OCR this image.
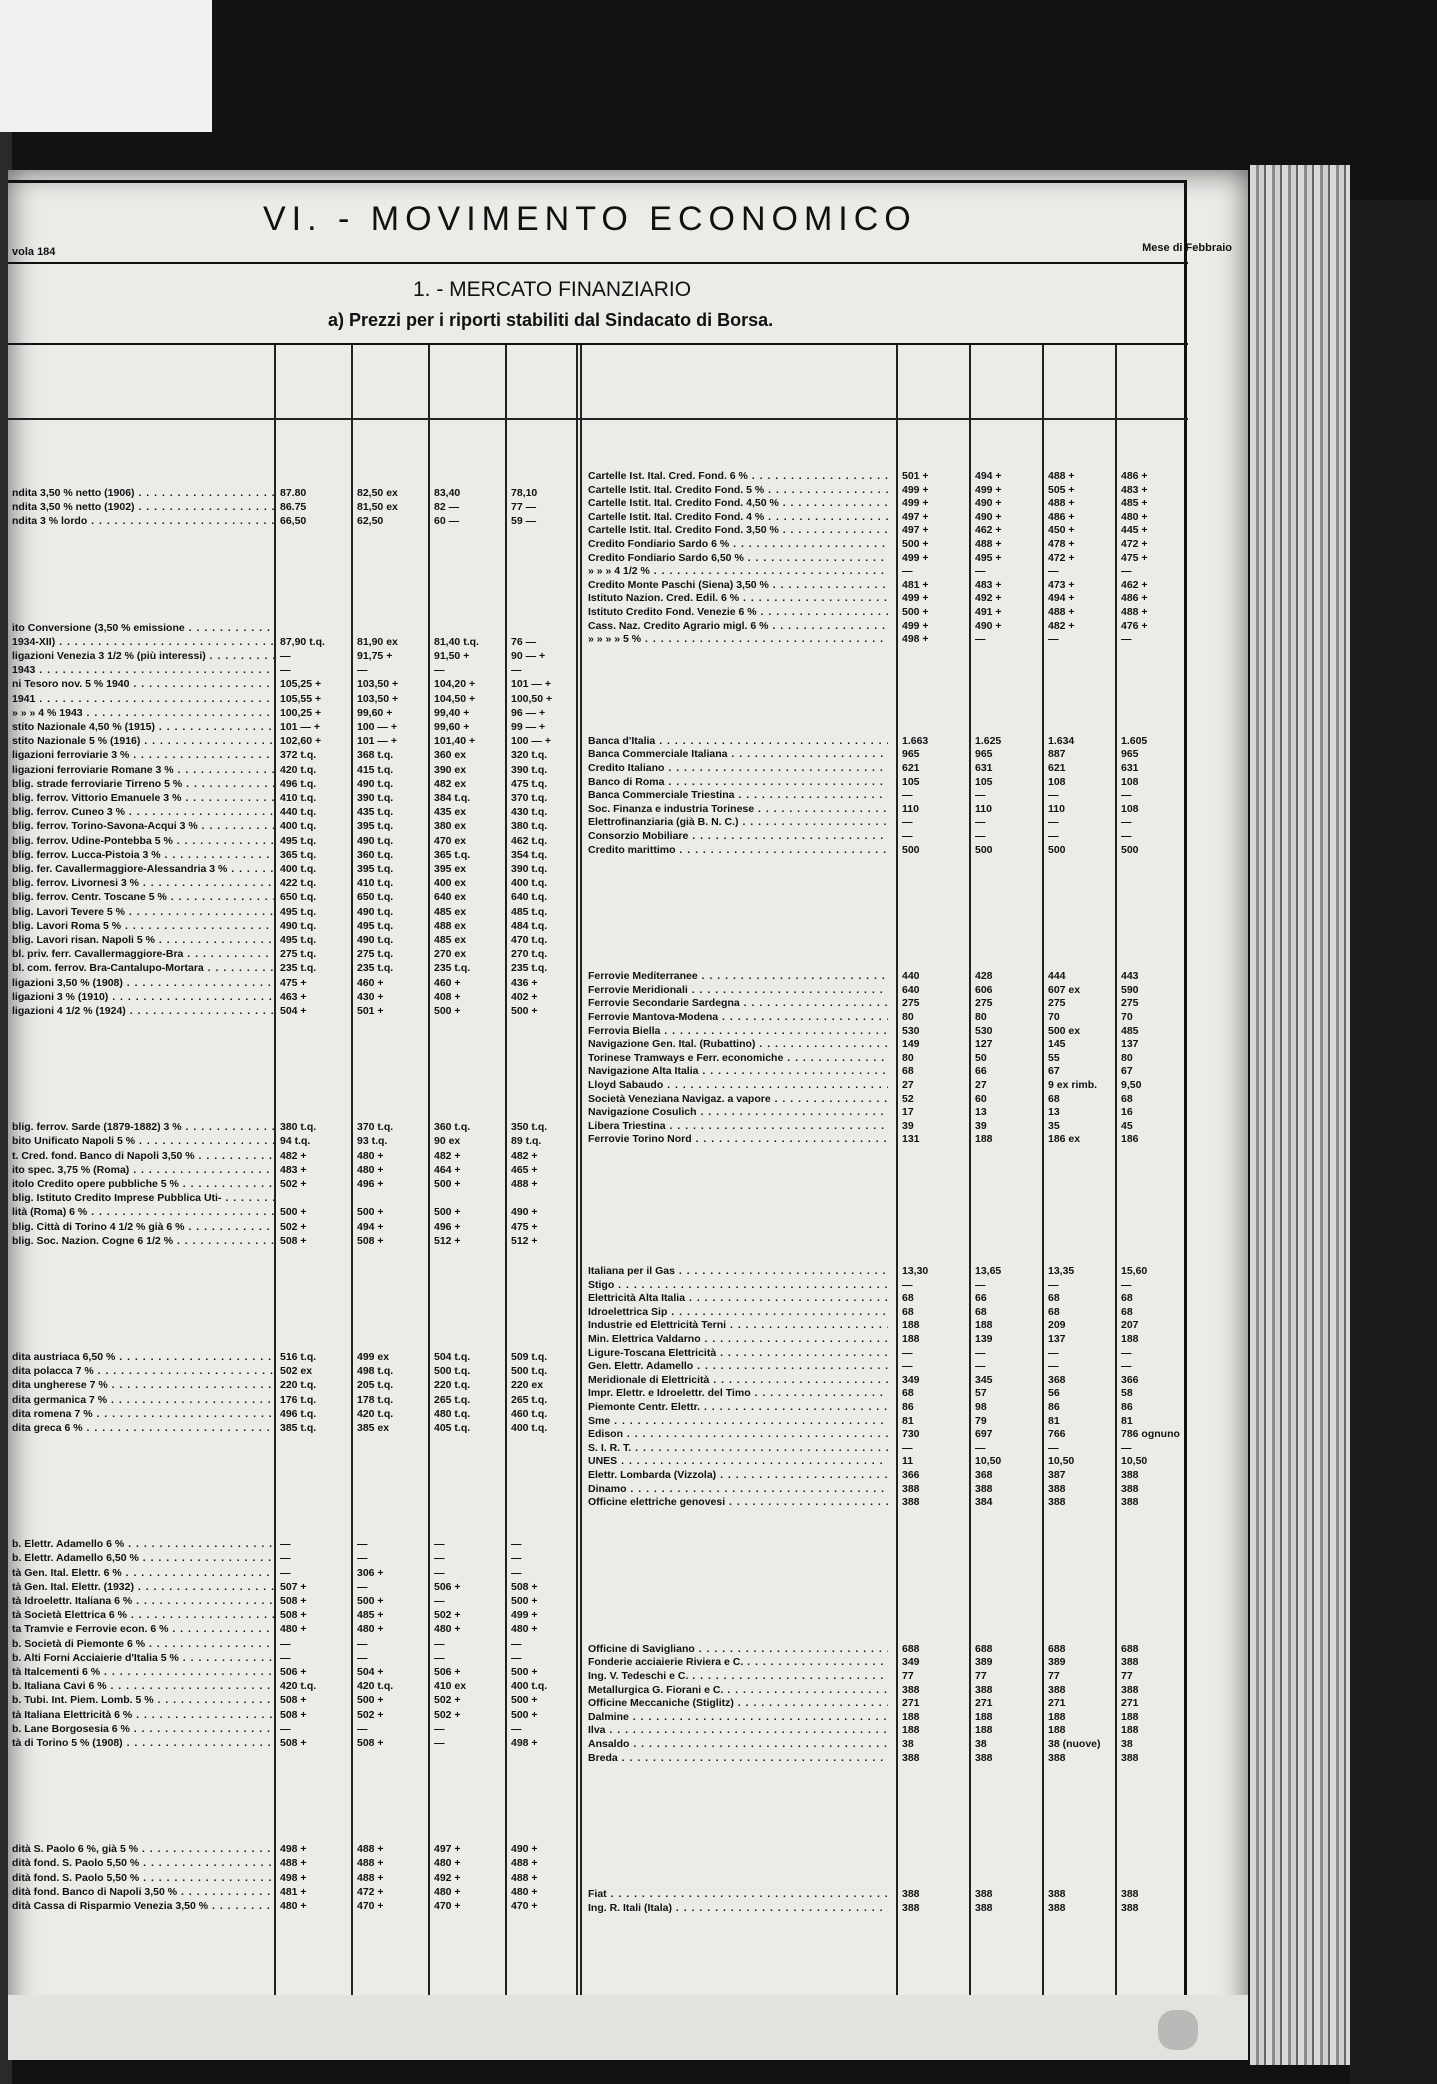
VI. - MOVIMENTO ECONOMICO
vola 184	Mese di Febbraio
1. - MERCATO FINANZIARIO
a) Prezzi per i riporti stabiliti dal Sindacato di Borsa.
ndita 3,50 % netto (1906) . . .	87.80	82,50 ex	83,40	78,10
ndita 3,50 % netto (1902) . . .	86.75	81,50 ex	82 —	77 —
ndita 3 % lordo . . .	66,50	62,50	60 —	59 —
ito Conversione (3,50 % emissione . . .
1934-XII) . . .	87,90 t.q.	81,90 ex	81,40 t.q.	76 —
ligazioni Venezia 3 1/2 % (più interessi) . . .	—	91,75 +	91,50 +	90 — +
1943 . . .	—	—	—	—
ni Tesoro nov. 5 % 1940 . . .	105,25 +	103,50 +	104,20 +	101 — +
1941 . . .	105,55 +	103,50 +	104,50 +	100,50 +
» » » 4 % 1943 . . .	100,25 +	99,60 +	99,40 +	96 — +
stito Nazionale 4,50 % (1915) . . .	101 — +	100 — +	99,60 +	99 — +
stito Nazionale 5 % (1916) . . .	102,60 +	101 — +	101,40 +	100 — +
ligazioni ferroviarie 3 % . . .	372 t.q.	368 t.q.	360 ex	320 t.q.
ligazioni ferroviarie Romane 3 % . . .	420 t.q.	415 t.q.	390 ex	390 t.q.
blig. strade ferroviarie Tirreno 5 % . . .	496 t.q.	490 t.q.	482 ex	475 t.q.
blig. ferrov. Vittorio Emanuele 3 % . . .	410 t.q.	390 t.q.	384 t.q.	370 t.q.
blig. ferrov. Cuneo 3 % . . .	440 t.q.	435 t.q.	435 ex	430 t.q.
blig. ferrov. Torino-Savona-Acqui 3 % . . .	400 t.q.	395 t.q.	380 ex	380 t.q.
blig. ferrov. Udine-Pontebba 5 % . . .	495 t.q.	490 t.q.	470 ex	462 t.q.
blig. ferrov. Lucca-Pistoia 3 % . . .	365 t.q.	360 t.q.	365 t.q.	354 t.q.
blig. fer. Cavallermaggiore-Alessandria 3 % . . .	400 t.q.	395 t.q.	395 ex	390 t.q.
blig. ferrov. Livornesi 3 % . . .	422 t.q.	410 t.q.	400 ex	400 t.q.
blig. ferrov. Centr. Toscane 5 % . . .	650 t.q.	650 t.q.	640 ex	640 t.q.
blig. Lavori Tevere 5 % . . .	495 t.q.	490 t.q.	485 ex	485 t.q.
blig. Lavori Roma 5 % . . .	490 t.q.	495 t.q.	488 ex	484 t.q.
blig. Lavori risan. Napoli 5 % . . .	495 t.q.	490 t.q.	485 ex	470 t.q.
bl. priv. ferr. Cavallermaggiore-Bra . . .	275 t.q.	275 t.q.	270 ex	270 t.q.
bl. com. ferrov. Bra-Cantalupo-Mortara . . .	235 t.q.	235 t.q.	235 t.q.	235 t.q.
ligazioni 3,50 % (1908) . . .	475 +	460 +	460 +	436 +
ligazioni 3 % (1910) . . .	463 +	430 +	408 +	402 +
ligazioni 4 1/2 % (1924) . . .	504 +	501 +	500 +	500 +
blig. ferrov. Sarde (1879-1882) 3 % . . .	380 t.q.	370 t.q.	360 t.q.	350 t.q.
bito Unificato Napoli 5 % . . .	94 t.q.	93 t.q.	90 ex	89 t.q.
t. Cred. fond. Banco di Napoli 3,50 % . . .	482 +	480 +	482 +	482 +
ito spec. 3,75 % (Roma) . . .	483 +	480 +	464 +	465 +
itolo Credito opere pubbliche 5 % . . .	502 +	496 +	500 +	488 +
blig. Istituto Credito Imprese Pubblica Uti- . . .
lità (Roma) 6 % . . .	500 +	500 +	500 +	490 +
blig. Città di Torino 4 1/2 % già 6 % . . .	502 +	494 +	496 +	475 +
blig. Soc. Nazion. Cogne 6 1/2 % . . .	508 +	508 +	512 +	512 +
dita austriaca 6,50 % . . .	516 t.q.	499 ex	504 t.q.	509 t.q.
dita polacca 7 % . . .	502 ex	498 t.q.	500 t.q.	500 t.q.
dita ungherese 7 % . . .	220 t.q.	205 t.q.	220 t.q.	220 ex
dita germanica 7 % . . .	176 t.q.	178 t.q.	265 t.q.	265 t.q.
dita romena 7 % . . .	496 t.q.	420 t.q.	480 t.q.	460 t.q.
dita greca 6 % . . .	385 t.q.	385 ex	405 t.q.	400 t.q.
b. Elettr. Adamello 6 % . . .	—	—	—	—
b. Elettr. Adamello 6,50 % . . .	—	—	—	—
tà Gen. Ital. Elettr. 6 % . . .	—	306 +	—	—
tà Gen. Ital. Elettr. (1932) . . .	507 +	—	506 +	508 +
tà Idroelettr. Italiana 6 % . . .	508 +	500 +	—	500 +
tà Società Elettrica 6 % . . .	508 +	485 +	502 +	499 +
ta Tramvie e Ferrovie econ. 6 % . . .	480 +	480 +	480 +	480 +
b. Società di Piemonte 6 % . . .	—	—	—	—
b. Alti Forni Acciaierie d'Italia 5 % . . .	—	—	—	—
tà Italcementi 6 % . . .	506 +	504 +	506 +	500 +
b. Italiana Cavi 6 % . . .	420 t.q.	420 t.q.	410 ex	400 t.q.
b. Tubi. Int. Piem. Lomb. 5 % . . .	508 +	500 +	502 +	500 +
tà Italiana Elettricità 6 % . . .	508 +	502 +	502 +	500 +
b. Lane Borgosesia 6 % . . .	—	—	—	—
tà di Torino 5 % (1908) . . .	508 +	508 +	—	498 +
dità S. Paolo 6 %, già 5 % . . .	498 +	488 +	497 +	490 +
dità fond. S. Paolo 5,50 % . . .	488 +	488 +	480 +	488 +
dità fond. S. Paolo 5,50 % . . .	498 +	488 +	492 +	488 +
dità fond. Banco di Napoli 3,50 % . . .	481 +	472 +	480 +	480 +
dità Cassa di Risparmio Venezia 3,50 % . . .	480 +	470 +	470 +	470 +
Cartelle Ist. Ital. Cred. Fond. 6 % . . .	501 +	494 +	488 +	486 +
Cartelle Istit. Ital. Credito Fond. 5 % . . .	499 +	499 +	505 +	483 +
Cartelle Istit. Ital. Credito Fond. 4,50 % . . .	499 +	490 +	488 +	485 +
Cartelle Istit. Ital. Credito Fond. 4 % . . .	497 +	490 +	486 +	480 +
Cartelle Istit. Ital. Credito Fond. 3,50 % . . .	497 +	462 +	450 +	445 +
Credito Fondiario Sardo 6 % . . .	500 +	488 +	478 +	472 +
Credito Fondiario Sardo 6,50 % . . .	499 +	495 +	472 +	475 +
» » » 4 1/2 % . . .	—	—	—	—
Credito Monte Paschi (Siena) 3,50 % . . .	481 +	483 +	473 +	462 +
Istituto Nazion. Cred. Edil. 6 % . . .	499 +	492 +	494 +	486 +
Istituto Credito Fond. Venezie 6 % . . .	500 +	491 +	488 +	488 +
Cass. Naz. Credito Agrario migl. 6 % . . .	499 +	490 +	482 +	476 +
» » » » 5 % . . .	498 +	—	—	—
Banca d'Italia . . .	1.663	1.625	1.634	1.605
Banca Commerciale Italiana . . .	965	965	887	965
Credito Italiano . . .	621	631	621	631
Banco di Roma . . .	105	105	108	108
Banca Commerciale Triestina . . .	—	—	—	—
Soc. Finanza e industria Torinese . . .	110	110	110	108
Elettrofinanziaria (già B. N. C.) . . .	—	—	—	—
Consorzio Mobiliare . . .	—	—	—	—
Credito marittimo . . .	500	500	500	500
Ferrovie Mediterranee . . .	440	428	444	443
Ferrovie Meridionali . . .	640	606	607 ex	590
Ferrovie Secondarie Sardegna . . .	275	275	275	275
Ferrovie Mantova-Modena . . .	80	80	70	70
Ferrovia Biella . . .	530	530	500 ex	485
Navigazione Gen. Ital. (Rubattino) . . .	149	127	145	137
Torinese Tramways e Ferr. economiche . . .	80	50	55	80
Navigazione Alta Italia . . .	68	66	67	67
Lloyd Sabaudo . . .	27	27	9 ex rimb.	9,50
Società Veneziana Navigaz. a vapore . . .	52	60	68	68
Navigazione Cosulich . . .	17	13	13	16
Libera Triestina . . .	39	39	35	45
Ferrovie Torino Nord . . .	131	188	186 ex	186
Italiana per il Gas . . .	13,30	13,65	13,35	15,60
Stigo . . .	—	—	—	—
Elettricità Alta Italia . . .	68	66	68	68
Idroelettrica Sip . . .	68	68	68	68
Industrie ed Elettricità Terni . . .	188	188	209	207
Min. Elettrica Valdarno . . .	188	139	137	188
Ligure-Toscana Elettricità . . .	—	—	—	—
Gen. Elettr. Adamello . . .	—	—	—	—
Meridionale di Elettricità . . .	349	345	368	366
Impr. Elettr. e Idroelettr. del Timo . . .	68	57	56	58
Piemonte Centr. Elettr. . . .	86	98	86	86
Sme . . .	81	79	81	81
Edison . . .	730	697	766	786 ognuno
S. I. R. T. . . .	—	—	—	—
UNES . . .	11	10,50	10,50	10,50
Elettr. Lombarda (Vizzola) . . .	366	368	387	388
Dinamo . . .	388	388	388	388
Officine elettriche genovesi . . .	388	384	388	388
Officine di Savigliano . . .	688	688	688	688
Fonderie acciaierie Riviera e C. . . .	349	389	389	388
Ing. V. Tedeschi e C. . . .	77	77	77	77
Metallurgica G. Fiorani e C. . . .	388	388	388	388
Officine Meccaniche (Stiglitz) . . .	271	271	271	271
Dalmine . . .	188	188	188	188
Ilva . . .	188	188	188	188
Ansaldo . . .	38	38	38 (nuove)	38
Breda . . .	388	388	388	388
Fiat . . .	388	388	388	388
Ing. R. Itali (Itala) . . .	388	388	388	388
